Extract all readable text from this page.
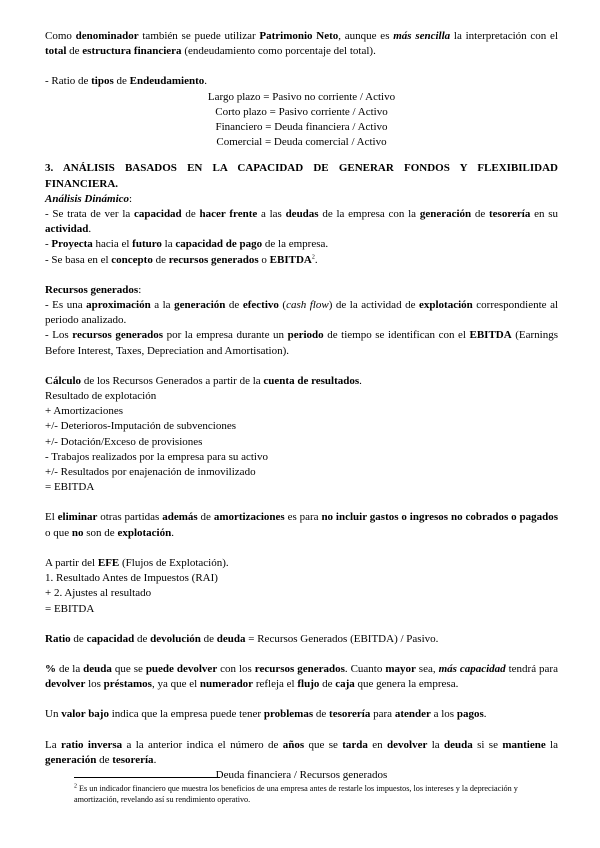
Como denominador también se puede utilizar Patrimonio Neto, aunque es más sencilla la interpretación con el total de estructura financiera (endeudamiento como porcentaje del total).

- Ratio de tipos de Endeudamiento.

Largo plazo = Pasivo no corriente / Activo

Corto plazo = Pasivo corriente / Activo

Financiero = Deuda financiera / Activo

Comercial = Deuda comercial / Activo

3. ANÁLISIS BASADOS EN LA CAPACIDAD DE GENERAR FONDOS Y FLEXIBILIDAD FINANCIERA.

Análisis Dinámico:

- Se trata de ver la capacidad de hacer frente a las deudas de la empresa con la generación de tesorería en su actividad.

- Proyecta hacia el futuro la capacidad de pago de la empresa.

- Se basa en el concepto de recursos generados o EBITDA$^2$.

Recursos generados:

- Es una aproximación a la generación de efectivo (cash flow) de la actividad de explotación correspondiente al periodo analizado.

- Los recursos generados por la empresa durante un periodo de tiempo se identifican con el EBITDA (Earnings Before Interest, Taxes, Depreciation and Amortisation).

Cálculo de los Recursos Generados a partir de la cuenta de resultados.

Resultado de explotación

+ Amortizaciones

+/- Deterioros-Imputación de subvenciones

+/- Dotación/Exceso de provisiones

- Trabajos realizados por la empresa para su activo

+/- Resultados por enajenación de inmovilizado

= EBITDA

El eliminar otras partidas además de amortizaciones es para no incluir gastos o ingresos no cobrados o pagados o que no son de explotación.

A partir del EFE (Flujos de Explotación).

1. Resultado Antes de Impuestos (RAI)

+ 2. Ajustes al resultado

= EBITDA

Ratio de capacidad de devolución de deuda = Recursos Generados (EBITDA) / Pasivo.

% de la deuda que se puede devolver con los recursos generados. Cuanto mayor sea, más capacidad tendrá para devolver los préstamos, ya que el numerador refleja el flujo de caja que genera la empresa.

Un valor bajo indica que la empresa puede tener problemas de tesorería para atender a los pagos.

La ratio inversa a la anterior indica el número de años que se tarda en devolver la deuda si se mantiene la generación de tesorería.

Deuda financiera / Recursos generados

$^2$ Es un indicador financiero que muestra los beneficios de una empresa antes de restarle los impuestos, los intereses y la depreciación y amortización, revelando así su rendimiento operativo.
